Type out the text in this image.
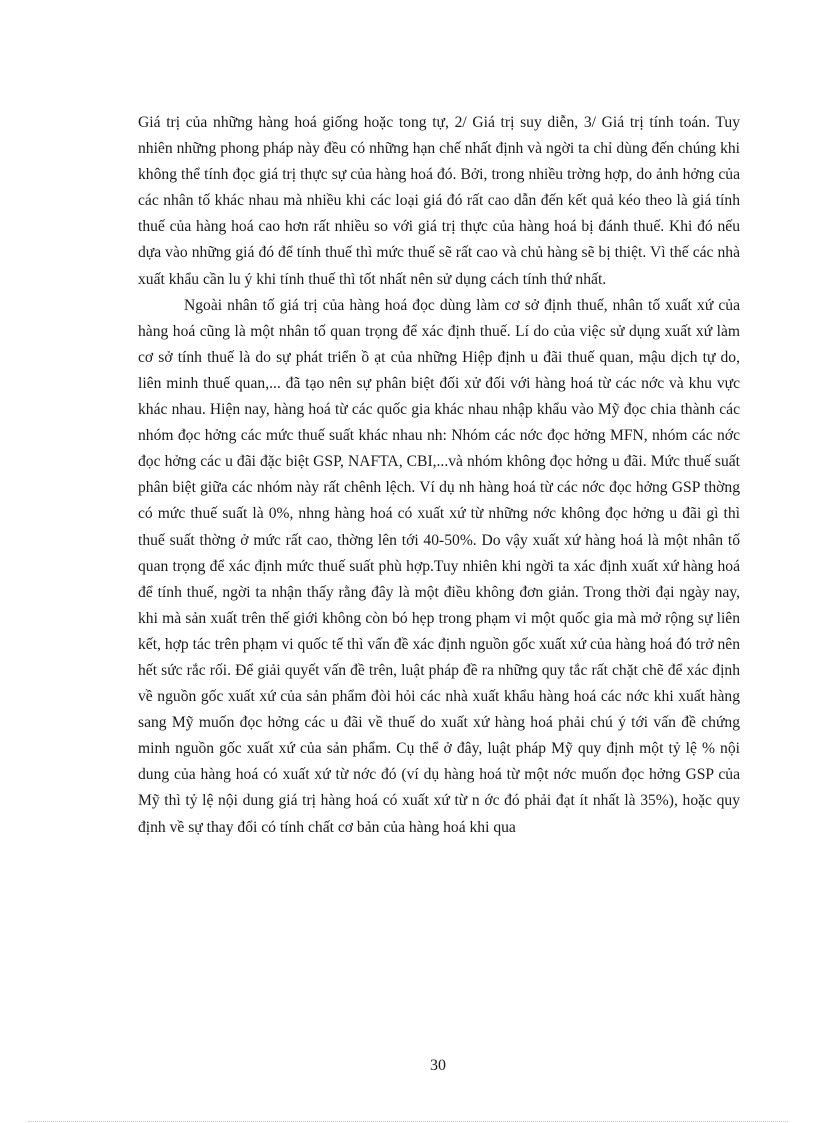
Giá trị của những hàng hoá giống hoặc tong tự, 2/ Giá trị suy diễn, 3/ Giá trị tính toán. Tuy nhiên những phong pháp này đều có những hạn chế nhất định và ngời ta chỉ dùng đến chúng khi không thể tính đọc giá trị thực sự của hàng hoá đó. Bởi, trong nhiều trờng hợp, do ảnh hởng của các nhân tố khác nhau mà nhiều khi các loại giá đó rất cao dẫn đến kết quả kéo theo là giá tính thuế của hàng hoá cao hơn rất nhiều so với giá trị thực của hàng hoá bị đánh thuế. Khi đó nếu dựa vào những giá đó để tính thuế thì mức thuế sẽ rất cao và chủ hàng sẽ bị thiệt. Vì thế các nhà xuất khẩu cần lu ý khi tính thuế thì tốt nhất nên sử dụng cách tính thứ nhất.

Ngoài nhân tố giá trị của hàng hoá đọc dùng làm cơ sở định thuế, nhân tố xuất xứ của hàng hoá cũng là một nhân tố quan trọng để xác định thuế. Lí do của việc sử dụng xuất xứ làm cơ sở tính thuế là do sự phát triển ồ ạt của những Hiệp định u đãi thuế quan, mậu dịch tự do, liên minh thuế quan,... đã tạo nên sự phân biệt đối xử đối với hàng hoá từ các nớc và khu vực khác nhau. Hiện nay, hàng hoá từ các quốc gia khác nhau nhập khẩu vào Mỹ đọc chia thành các nhóm đọc hởng các mức thuế suất khác nhau nh: Nhóm các nớc đọc hởng MFN, nhóm các nớc đọc hởng các u đãi đặc biệt GSP, NAFTA, CBI,...và nhóm không đọc hởng u đãi. Mức thuế suất phân biệt giữa các nhóm này rất chênh lệch. Ví dụ nh hàng hoá từ các nớc đọc hởng GSP thờng có mức thuế suất là 0%, nhng hàng hoá có xuất xứ từ những nớc không đọc hởng u đãi gì thì thuế suất thờng ở mức rất cao, thờng lên tới 40-50%. Do vậy xuất xứ hàng hoá là một nhân tố quan trọng để xác định mức thuế suất phù hợp.Tuy nhiên khi ngời ta xác định xuất xứ hàng hoá để tính thuế, ngời ta nhận thấy rằng đây là một điều không đơn giản. Trong thời đại ngày nay, khi mà sản xuất trên thế giới không còn bó hẹp trong phạm vi một quốc gia mà mở rộng sự liên kết, hợp tác trên phạm vi quốc tế thì vấn đề xác định nguồn gốc xuất xứ của hàng hoá đó trở nên hết sức rắc rối. Để giải quyết vấn đề trên, luật pháp đề ra những quy tắc rất chặt chẽ để xác định về nguồn gốc xuất xứ của sản phẩm đòi hỏi các nhà xuất khẩu hàng hoá các nớc khi xuất hàng sang Mỹ muốn đọc hởng các u đãi về thuế do xuất xứ hàng hoá phải chú ý tới vấn đề chứng minh nguồn gốc xuất xứ của sản phẩm. Cụ thể ở đây, luật pháp Mỹ quy định một tỷ lệ % nội dung của hàng hoá có xuất xứ từ nớc đó (ví dụ hàng hoá từ một nớc muốn đọc hởng GSP của Mỹ thì tỷ lệ nội dung giá trị hàng hoá có xuất xứ từ n ớc đó phải đạt ít nhất là 35%), hoặc quy định về sự thay đổi có tính chất cơ bản của hàng hoá khi qua

30
